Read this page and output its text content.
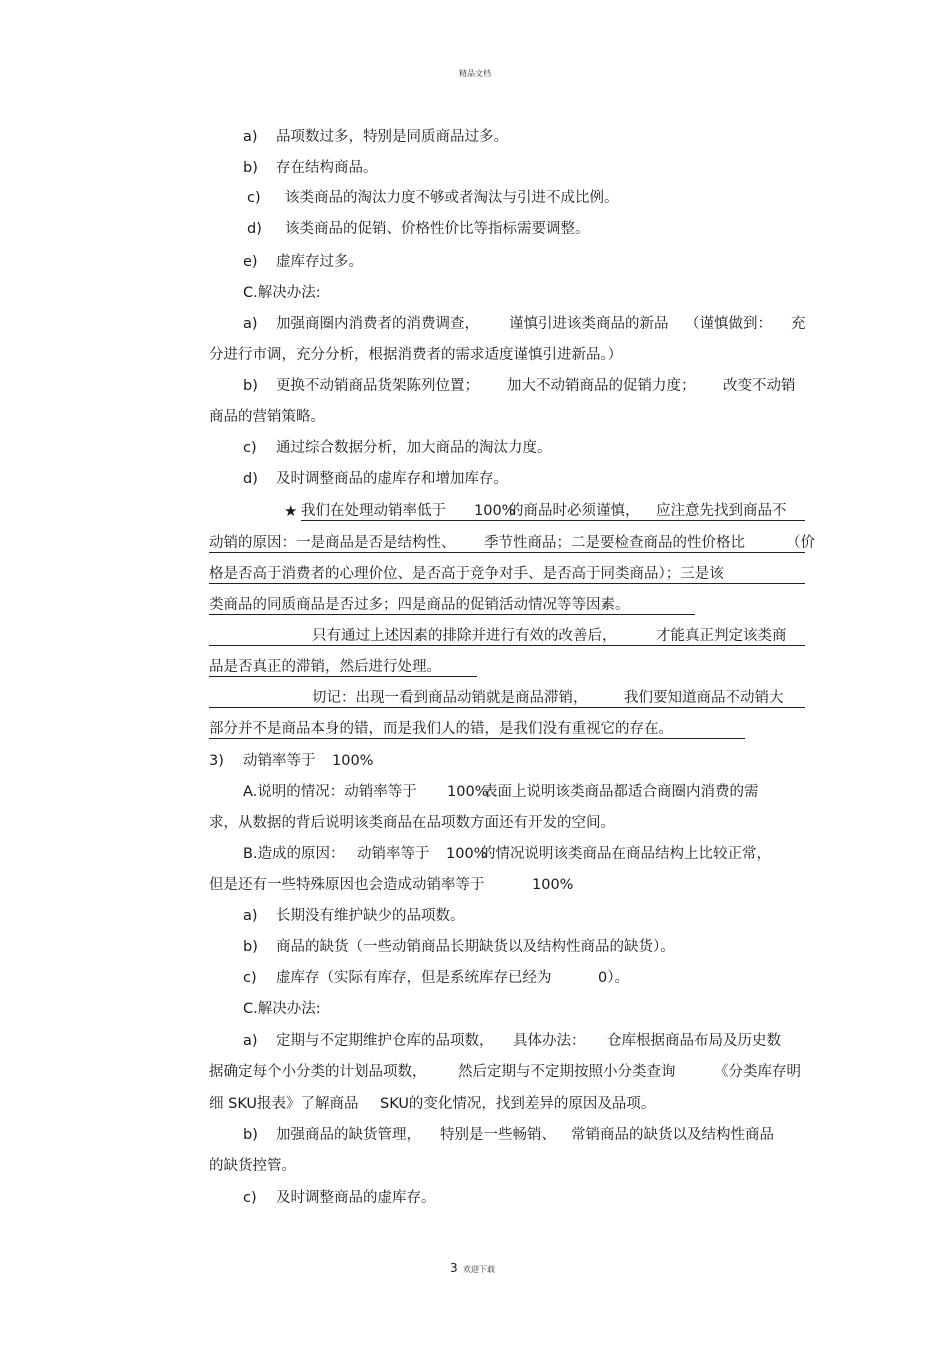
精品文档
a) 品项数过多，特别是同质商品过多。
b) 存在结构商品。
c) 该类商品的淘汰力度不够或者淘汰与引进不成比例。
d) 该类商品的促销、价格性价比等指标需要调整。
e) 虚库存过多。
C.解决办法:
a) 加强商圈内消费者的消费调查， 谨慎引进该类商品的新品 （谨慎做到： 充
分进行市调，充分分析，根据消费者的需求适度谨慎引进新品。）
b) 更换不动销商品货架陈列位置； 加大不动销商品的促销力度； 改变不动销
商品的营销策略。
c) 通过综合数据分析，加大商品的淘汰力度。
d) 及时调整商品的虚库存和增加库存。
★ 我们在处理动销率低于 100%
的商品时必须谨慎， 应注意先找到商品不
动销的原因：一是商品是否是结构性、 季节性商品；二是要检查商品的性价格比	（价
格是否高于消费者的心理价位、是否高于竞争对手、是否高于同类商品）；三是该
类商品的同质商品是否过多；四是商品的促销活动情况等等因素。
只有通过上述因素的排除并进行有效的改善后，	才能真正判定该类商
品是否真正的滞销，然后进行处理。
切记：出现一看到商品动销就是商品滞销，	我们要知道商品不动销大
部分并不是商品本身的错，而是我们人的错，是我们没有重视它的存在。
3) 动销率等于 100%
A.说明的情况：动销率等于 100%
表面上说明该类商品都适合商圈内消费的需
求，从数据的背后说明该类商品在品项数方面还有开发的空间。
B.造成的原因： 动销率等于 100%
的情况说明该类商品在商品结构上比较正常，
但是还有一些特殊原因也会造成动销率等于	100%
a) 长期没有维护缺少的品项数。
b) 商品的缺货（一些动销商品长期缺货以及结构性商品的缺货）。
c) 虚库存（实际有库存，但是系统库存已经为	0）。
C.解决办法:
a) 定期与不定期维护仓库的品项数， 具体办法： 仓库根据商品布局及历史数
据确定每个小分类的计划品项数， 然后定期与不定期按照小分类查询	《分类库存明
细 SKU报表》了解商品 SKU的变化情况，找到差异的原因及品项。
b) 加强商品的缺货管理， 特别是一些畅销、 常销商品的缺货以及结构性商品
的缺货控管。
c) 及时调整商品的虚库存。
3 欢迎下载
